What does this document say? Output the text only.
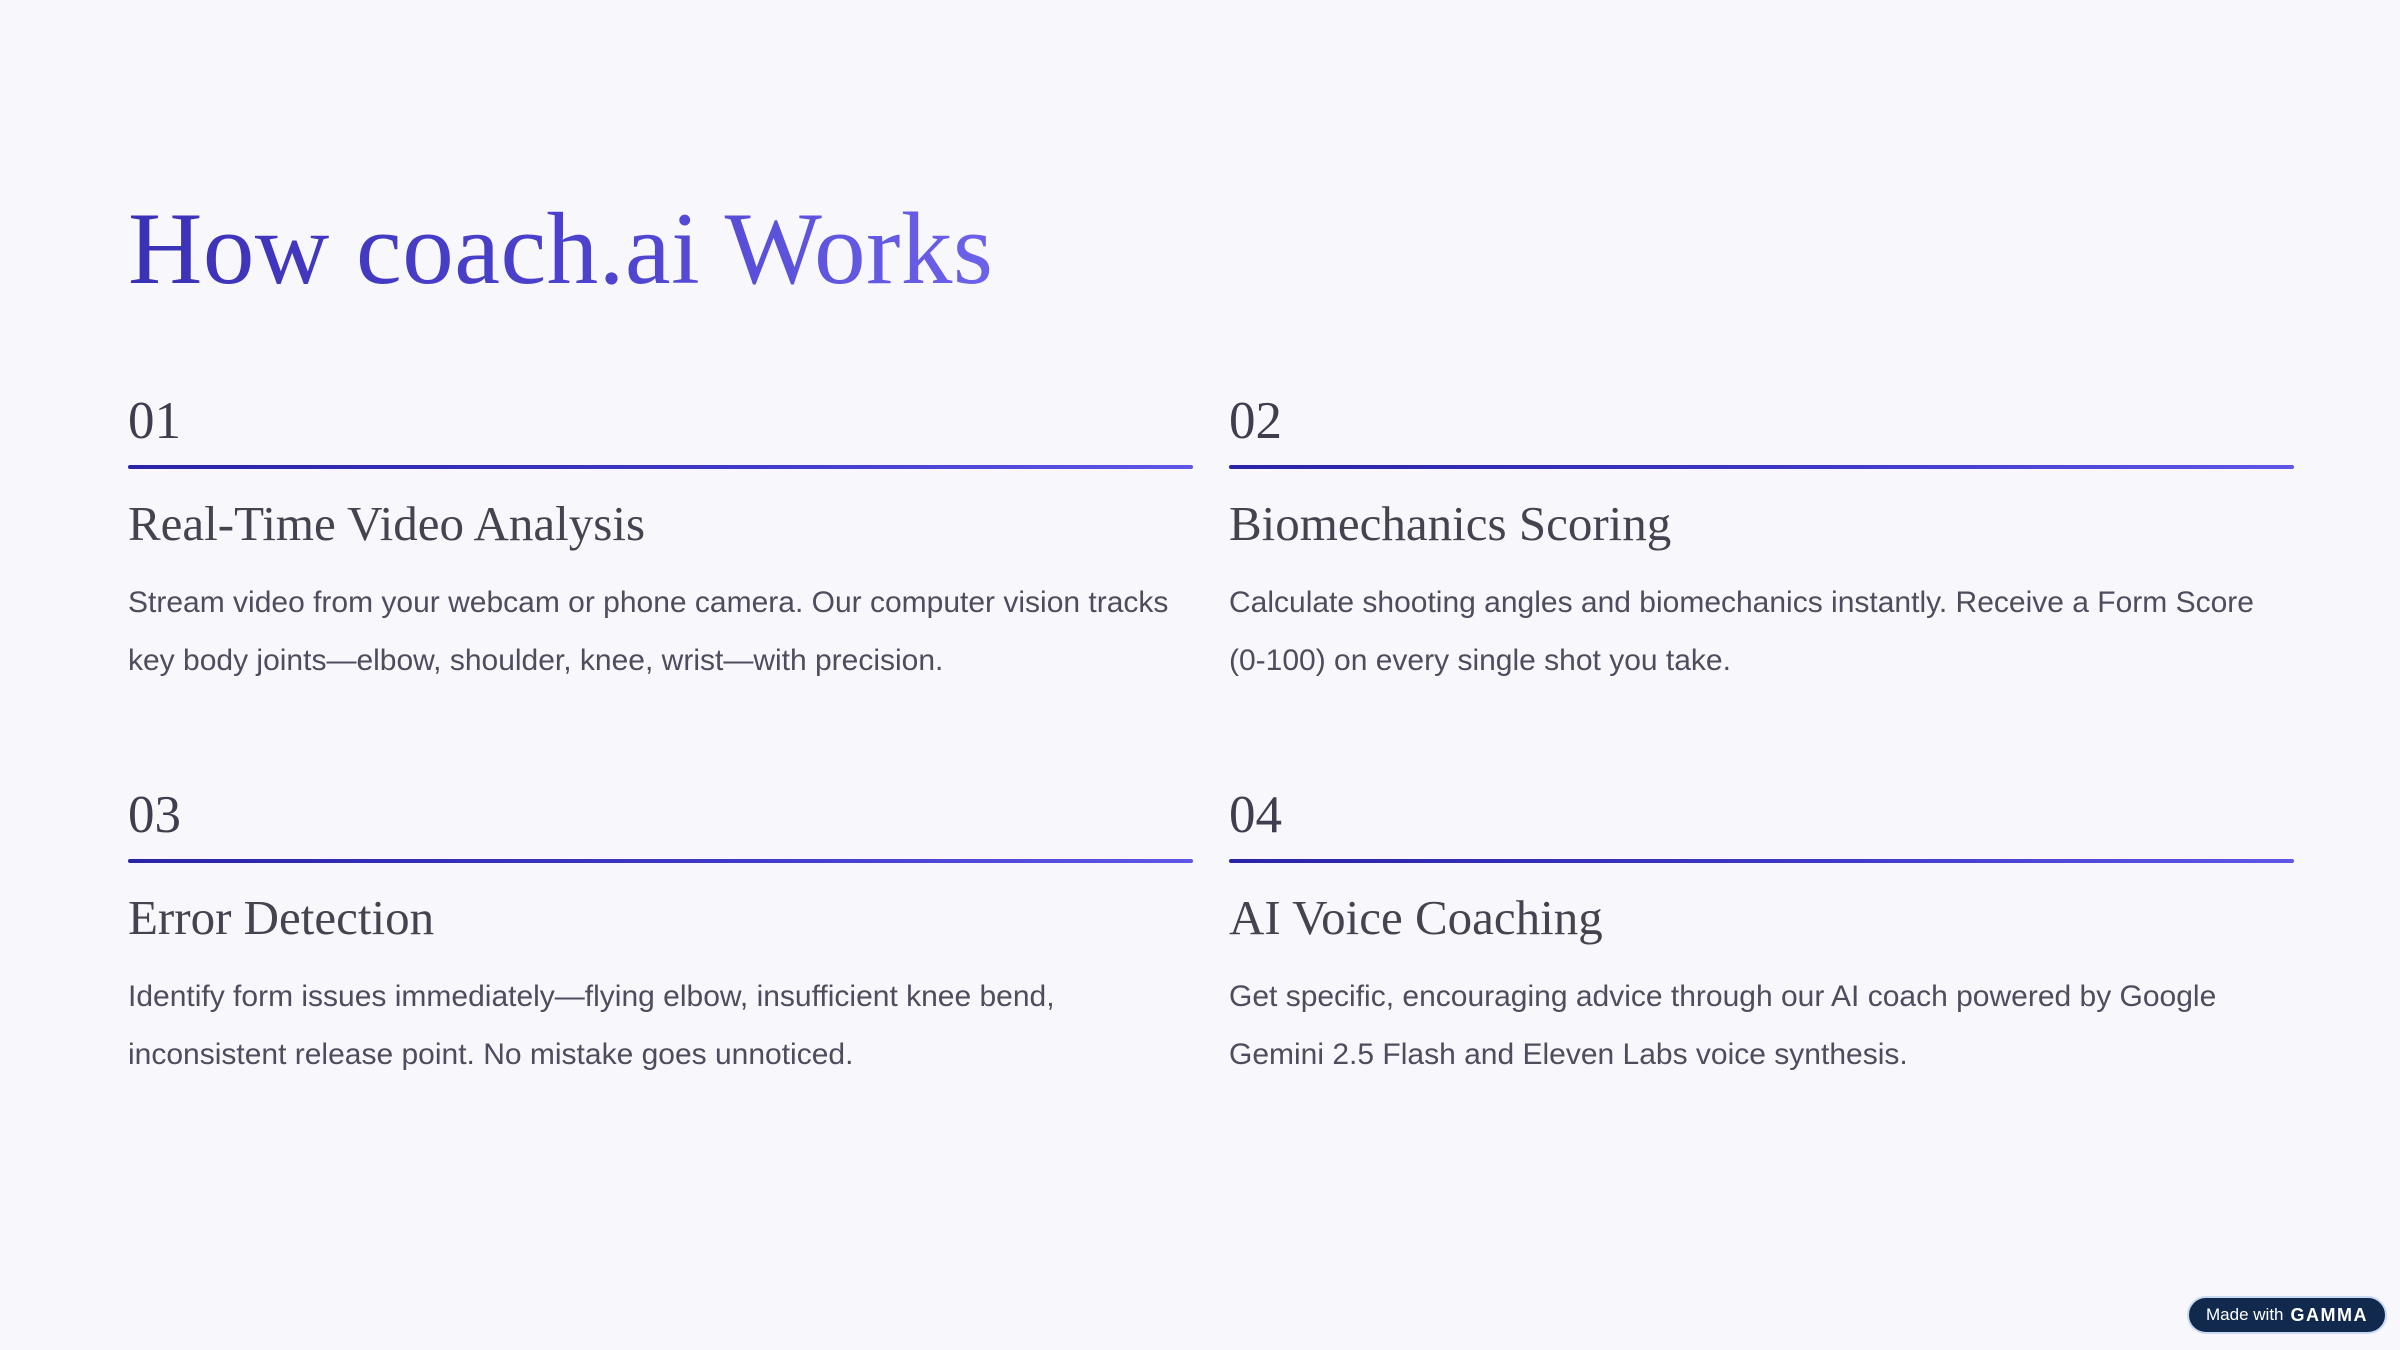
How coach.ai Works
01
Real-Time Video Analysis

Stream video from your webcam or phone camera. Our computer vision tracks key body joints—elbow, shoulder, knee, wrist—with precision.

02
Biomechanics Scoring

Calculate shooting angles and biomechanics instantly. Receive a Form Score (0-100) on every single shot you take.

03
Error Detection

Identify form issues immediately—flying elbow, insufficient knee bend, inconsistent release point. No mistake goes unnoticed.

04
AI Voice Coaching

Get specific, encouraging advice through our AI coach powered by Google Gemini 2.5 Flash and Eleven Labs voice synthesis.

Made with GAMMA
